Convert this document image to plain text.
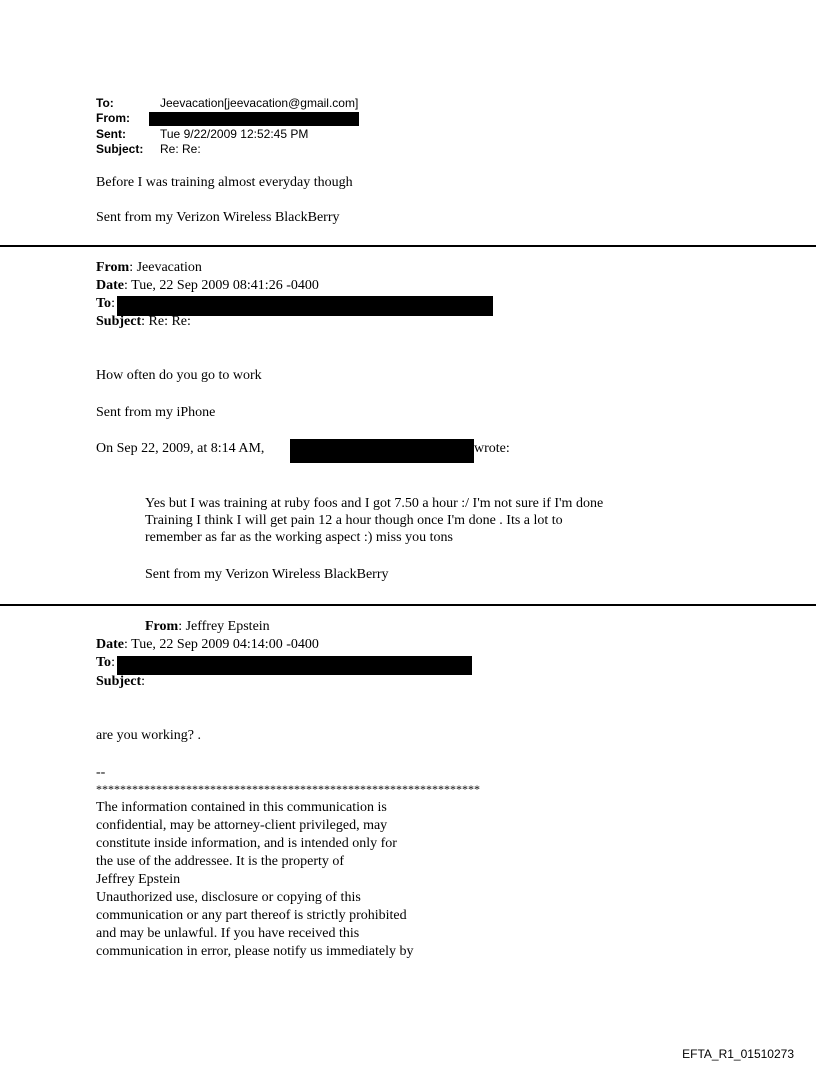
To:	Jeevacation[jeevacation@gmail.com]
From:
Sent:	Tue 9/22/2009 12:52:45 PM
Subject: Re: Re:
Before I was training almost everyday though
Sent from my Verizon Wireless BlackBerry
From: Jeevacation
Date: Tue, 22 Sep 2009 08:41:26 -0400
To:
Subject: Re: Re:
How often do you go to work
Sent from my iPhone
On Sep 22, 2009, at 8:14 AM,	wrote:
Yes but I was training at ruby foos and I got 7.50 a hour :/ I'm not sure if I'm done
Training I think I will get pain 12 a hour though once I'm done . Its a lot to
remember as far as the working aspect :) miss you tons
Sent from my Verizon Wireless BlackBerry
From: Jeffrey Epstein
Date: Tue, 22 Sep 2009 04:14:00 -0400
To:
Subject:
are you working? .
--
****************************************************************
The information contained in this communication is
confidential, may be attorney-client privileged, may
constitute inside information, and is intended only for
the use of the addressee. It is the property of
Jeffrey Epstein
Unauthorized use, disclosure or copying of this
communication or any part thereof is strictly prohibited
and may be unlawful. If you have received this
communication in error, please notify us immediately by
EFTA_R1_01510273
